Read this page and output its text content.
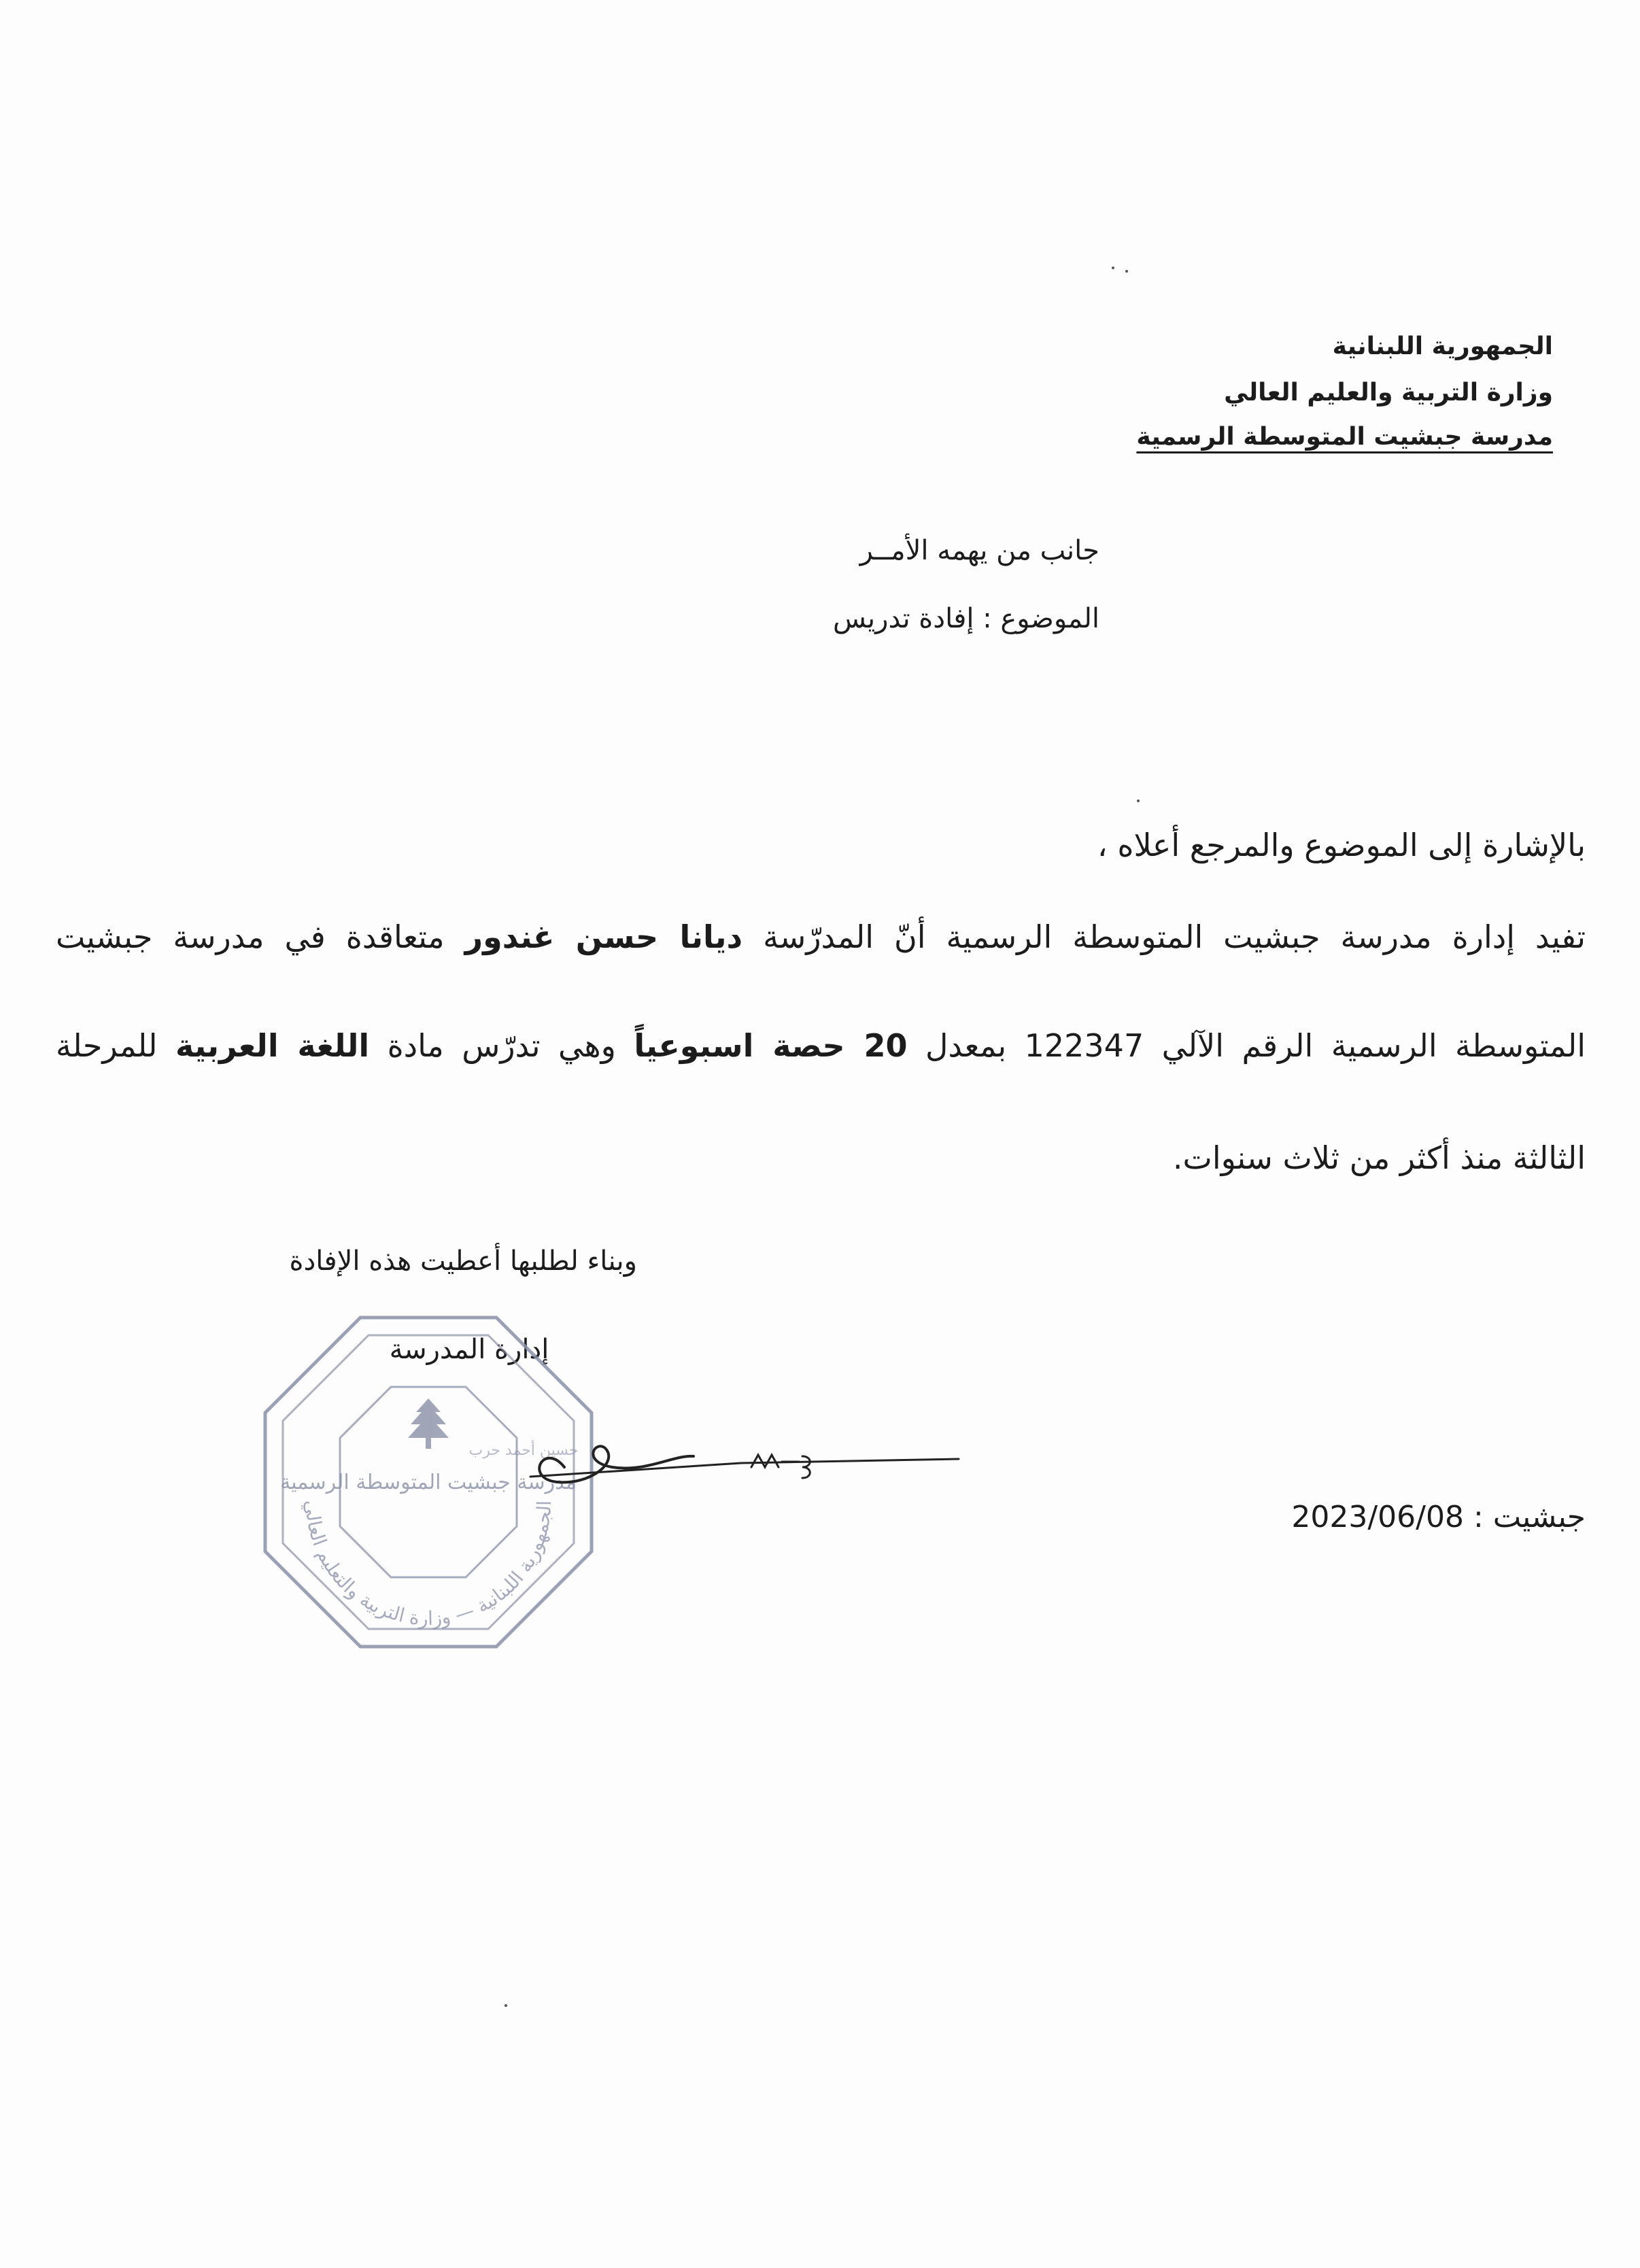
الجمهورية اللبنانية
وزارة التربية والعليم العالي
مدرسة جبشيت المتوسطة الرسمية
جانب من يهمه الأمــر
الموضوع : إفادة تدريس
بالإشارة إلى الموضوع والمرجع أعلاه ،
تفيد إدارة مدرسة جبشيت المتوسطة الرسمية أنّ المدرّسة ديانا حسن غندور متعاقدة في مدرسة جبشيت
المتوسطة الرسمية الرقم الآلي 122347 بمعدل 20 حصة اسبوعياً وهي تدرّس مادة اللغة العربية للمرحلة
الثالثة منذ أكثر من ثلاث سنوات.
وبناء لطلبها أعطيت هذه الإفادة
إدارة المدرسة
الجمهورية اللبنانية — وزارة التربية والتعليم العالي
مدرسة جبشيت المتوسطة الرسمية
حسين أحمد حرب
جبشيت : 2023/06/08
